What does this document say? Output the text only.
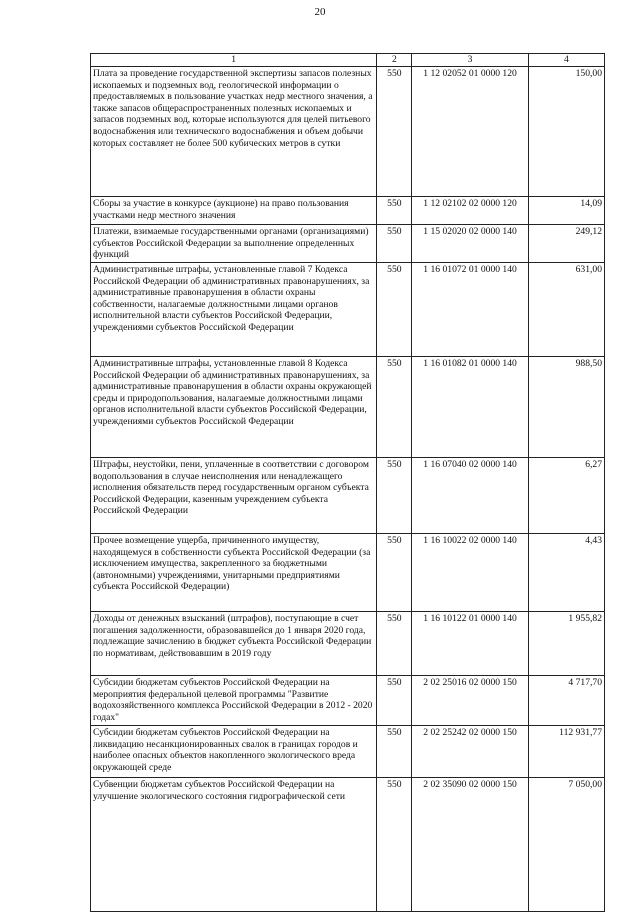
20
1	2	3	4
Плата за проведение государственной экспертизы запасов полезных ископаемых и подземных вод, геологической информации о предоставляемых в пользование участках недр местного значения, а также запасов общераспространенных полезных ископаемых и запасов подземных вод, которые используются для целей питьевого водоснабжения или технического водоснабжения и объем добычи которых составляет не более 500 кубических метров в сутки	550	1 12 02052 01 0000 120	150,00
Сборы за участие в конкурсе (аукционе) на право пользования участками недр местного значения	550	1 12 02102 02 0000 120	14,09
Платежи, взимаемые государственными органами (организациями) субъектов Российской Федерации за выполнение определенных функций	550	1 15 02020 02 0000 140	249,12
Административные штрафы, установленные главой 7 Кодекса Российской Федерации об административных правонарушениях, за административные правонарушения в области охраны собственности, налагаемые должностными лицами органов исполнительной власти субъектов Российской Федерации, учреждениями субъектов Российской Федерации	550	1 16 01072 01 0000 140	631,00
Административные штрафы, установленные главой 8 Кодекса Российской Федерации об административных правонарушениях, за административные правонарушения в области охраны окружающей среды и природопользования, налагаемые должностными лицами органов исполнительной власти субъектов Российской Федерации, учреждениями субъектов Российской Федерации	550	1 16 01082 01 0000 140	988,50
Штрафы, неустойки, пени, уплаченные в соответствии с договором водопользования в случае неисполнения или ненадлежащего исполнения обязательств перед государственным органом субъекта Российской Федерации, казенным учреждением субъекта Российской Федерации	550	1 16 07040 02 0000 140	6,27
Прочее возмещение ущерба, причиненного имуществу, находящемуся в собственности субъекта Российской Федерации (за исключением имущества, закрепленного за бюджетными (автономными) учреждениями, унитарными предприятиями субъекта Российской Федерации)	550	1 16 10022 02 0000 140	4,43
Доходы от денежных взысканий (штрафов), поступающие в счет погашения задолженности, образовавшейся до 1 января 2020 года, подлежащие зачислению в бюджет субъекта Российской Федерации по нормативам, действовавшим в 2019 году	550	1 16 10122 01 0000 140	1 955,82
Субсидии бюджетам субъектов Российской Федерации на мероприятия федеральной целевой программы "Развитие водохозяйственного комплекса Российской Федерации в 2012 - 2020 годах"	550	2 02 25016 02 0000 150	4 717,70
Субсидии бюджетам субъектов Российской Федерации на ликвидацию несанкционированных свалок в границах городов и наиболее опасных объектов накопленного экологического вреда окружающей среде	550	2 02 25242 02 0000 150	112 931,77
Субвенции бюджетам субъектов Российской Федерации на улучшение экологического состояния гидрографической сети	550	2 02 35090 02 0000 150	7 050,00
